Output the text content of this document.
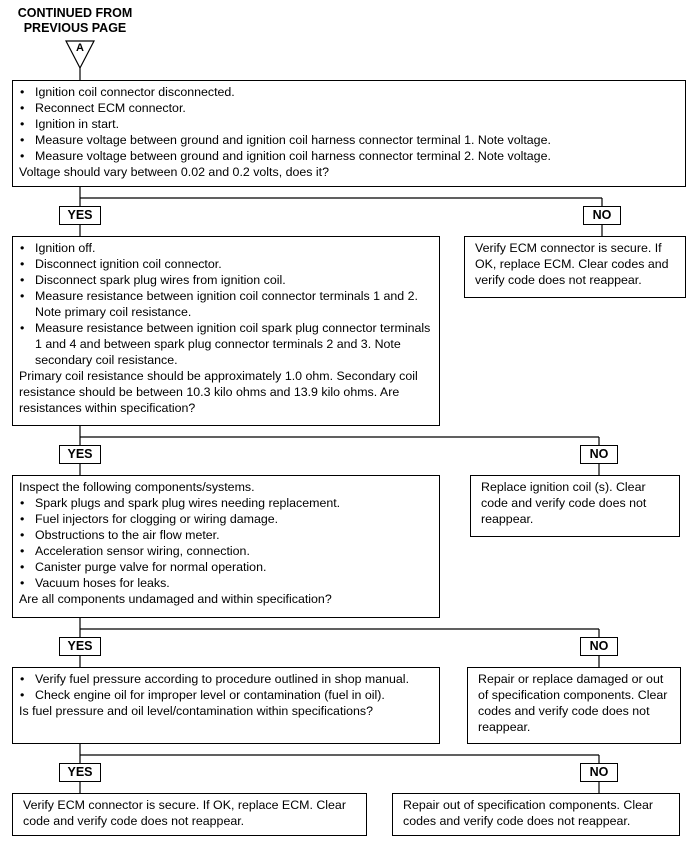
CONTINUED FROM
PREVIOUS PAGE
A
• Ignition coil connector disconnected.
• Reconnect ECM connector.
• Ignition in start.
• Measure voltage between ground and ignition coil harness connector terminal 1. Note voltage.
• Measure voltage between ground and ignition coil harness connector terminal 2. Note voltage.
Voltage should vary between 0.02 and 0.2 volts, does it?
YES	NO
• Ignition off.
• Disconnect ignition coil connector.
• Disconnect spark plug wires from ignition coil.
• Measure resistance between ignition coil connector terminals 1 and 2. Note primary coil resistance.
• Measure resistance between ignition coil spark plug connector terminals 1 and 4 and between spark plug connector terminals 2 and 3. Note secondary coil resistance.
Primary coil resistance should be approximately 1.0 ohm. Secondary coil resistance should be between 10.3 kilo ohms and 13.9 kilo ohms. Are resistances within specification?
Verify ECM connector is secure. If OK, replace ECM. Clear codes and verify code does not reappear.
YES	NO
Inspect the following components/systems.
• Spark plugs and spark plug wires needing replacement.
• Fuel injectors for clogging or wiring damage.
• Obstructions to the air flow meter.
• Acceleration sensor wiring, connection.
• Canister purge valve for normal operation.
• Vacuum hoses for leaks.
Are all components undamaged and within specification?
Replace ignition coil (s). Clear code and verify code does not reappear.
YES	NO
• Verify fuel pressure according to procedure outlined in shop manual.
• Check engine oil for improper level or contamination (fuel in oil).
Is fuel pressure and oil level/contamination within specifications?
Repair or replace damaged or out of specification components. Clear codes and verify code does not reappear.
YES	NO
Verify ECM connector is secure. If OK, replace ECM. Clear code and verify code does not reappear.
Repair out of specification components. Clear codes and verify code does not reappear.
